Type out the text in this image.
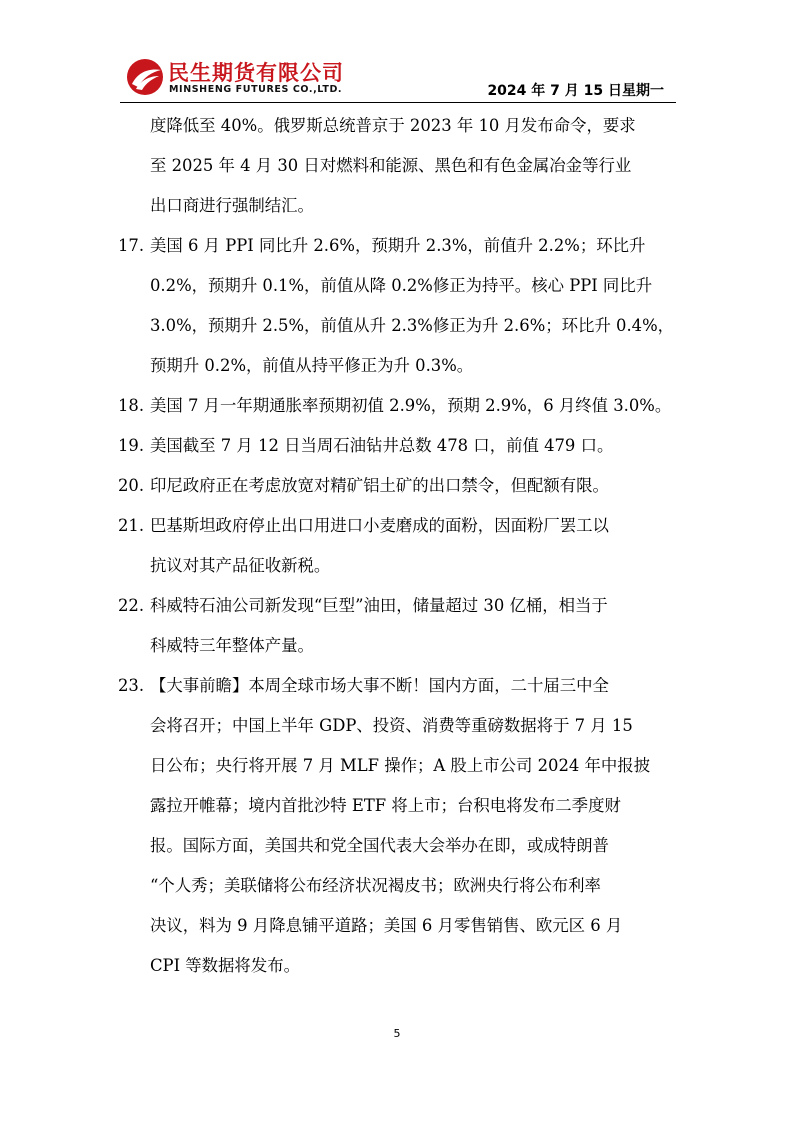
民生期货有限公司
MINSHENG FUTURES CO.,LTD.	2024 年 7 月 15 日星期一
度降低至 40%。俄罗斯总统普京于 2023 年 10 月发布命令，要求
至 2025 年 4 月 30 日对燃料和能源、黑色和有色金属冶金等行业
出口商进行强制结汇。
17. 美国 6 月 PPI 同比升 2.6%，预期升 2.3%，前值升 2.2%；环比升
0.2%，预期升 0.1%，前值从降 0.2%修正为持平。核心 PPI 同比升
3.0%，预期升 2.5%，前值从升 2.3%修正为升 2.6%；环比升 0.4%，
预期升 0.2%，前值从持平修正为升 0.3%。
18. 美国 7 月一年期通胀率预期初值 2.9%，预期 2.9%，6 月终值 3.0%。
19. 美国截至 7 月 12 日当周石油钻井总数 478 口，前值 479 口。
20. 印尼政府正在考虑放宽对精矿铝土矿的出口禁令，但配额有限。
21. 巴基斯坦政府停止出口用进口小麦磨成的面粉，因面粉厂罢工以
抗议对其产品征收新税。
22. 科威特石油公司新发现“巨型”油田，储量超过 30 亿桶，相当于
科威特三年整体产量。
23. 【大事前瞻】本周全球市场大事不断！国内方面，二十届三中全
会将召开；中国上半年 GDP、投资、消费等重磅数据将于 7 月 15
日公布；央行将开展 7 月 MLF 操作；A 股上市公司 2024 年中报披
露拉开帷幕；境内首批沙特 ETF 将上市；台积电将发布二季度财
报。国际方面，美国共和党全国代表大会举办在即，或成特朗普
“个人秀；美联储将公布经济状况褐皮书；欧洲央行将公布利率
决议，料为 9 月降息铺平道路；美国 6 月零售销售、欧元区 6 月
CPI 等数据将发布。
5
